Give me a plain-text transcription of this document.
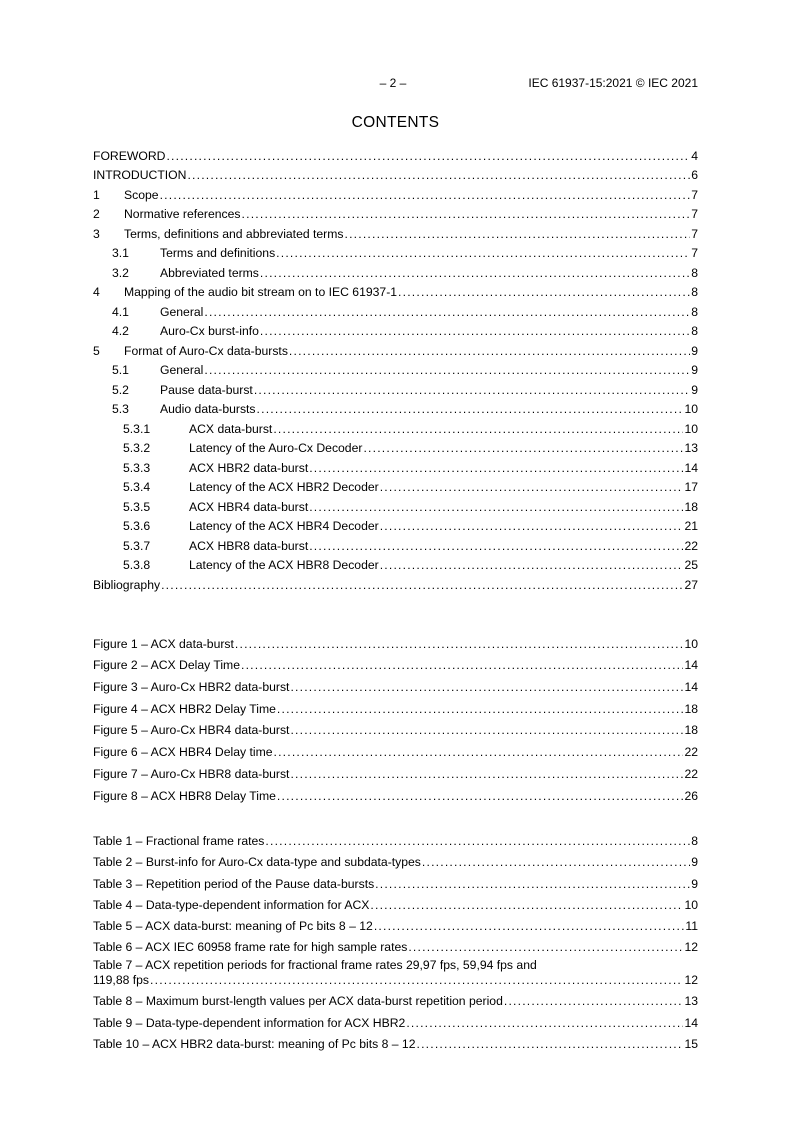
– 2 –	IEC 61937-15:2021 © IEC 2021
CONTENTS
FOREWORD .....	4
INTRODUCTION .....	6
1	Scope .....	7
2	Normative references .....	7
3	Terms, definitions and abbreviated terms .....	7
3.1	Terms and definitions .....	7
3.2	Abbreviated terms .....	8
4	Mapping of the audio bit stream on to IEC 61937-1 .....	8
4.1	General .....	8
4.2	Auro-Cx burst-info .....	8
5	Format of Auro-Cx data-bursts .....	9
5.1	General .....	9
5.2	Pause data-burst .....	9
5.3	Audio data-bursts .....	10
5.3.1	ACX data-burst .....	10
5.3.2	Latency of the Auro-Cx Decoder .....	13
5.3.3	ACX HBR2 data-burst .....	14
5.3.4	Latency of the ACX HBR2 Decoder .....	17
5.3.5	ACX HBR4 data-burst .....	18
5.3.6	Latency of the ACX HBR4 Decoder .....	21
5.3.7	ACX HBR8 data-burst .....	22
5.3.8	Latency of the ACX HBR8 Decoder .....	25
Bibliography .....	27
Figure 1 – ACX data-burst .....	10
Figure 2 – ACX Delay Time .....	14
Figure 3 – Auro-Cx HBR2 data-burst .....	14
Figure 4 – ACX HBR2 Delay Time .....	18
Figure 5 – Auro-Cx HBR4 data-burst .....	18
Figure 6 – ACX HBR4 Delay time .....	22
Figure 7 – Auro-Cx HBR8 data-burst .....	22
Figure 8 – ACX HBR8 Delay Time .....	26
Table 1 – Fractional frame rates .....	8
Table 2 – Burst-info for Auro-Cx data-type and subdata-types .....	9
Table 3 – Repetition period of the Pause data-bursts .....	9
Table 4 – Data-type-dependent information for ACX .....	10
Table 5 – ACX data-burst: meaning of Pc bits 8 – 12 .....	11
Table 6 – ACX IEC 60958 frame rate for high sample rates .....	12
Table 7 – ACX repetition periods for fractional frame rates 29,97 fps, 59,94 fps and
119,88 fps .....	12
Table 8 – Maximum burst-length values per ACX data-burst repetition period .....	13
Table 9 – Data-type-dependent information for ACX HBR2 .....	14
Table 10 – ACX HBR2 data-burst: meaning of Pc bits 8 – 12 .....	15
